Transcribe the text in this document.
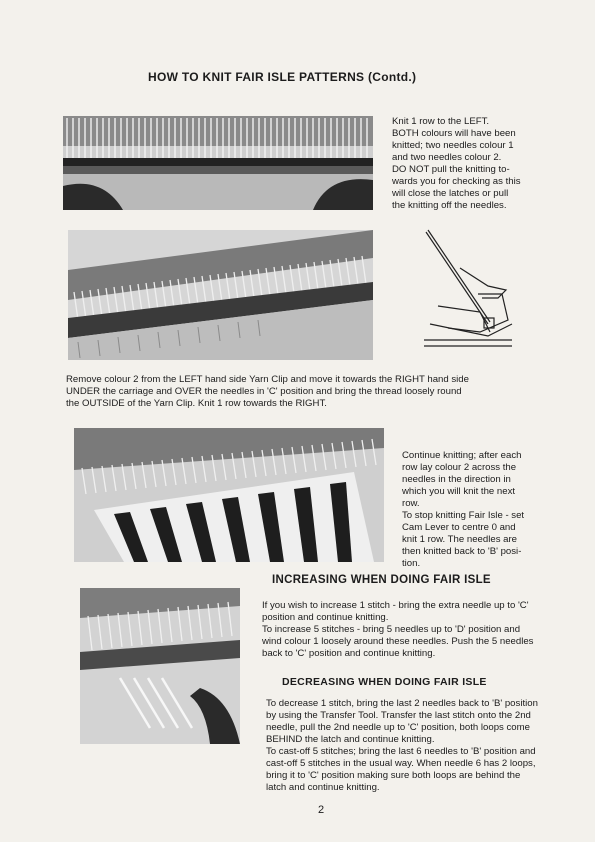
HOW TO KNIT FAIR ISLE PATTERNS (Contd.)
Knit 1 row to the LEFT.
BOTH colours will have been
knitted; two needles colour 1
and two needles colour 2.
DO NOT pull the knitting to-
wards you for checking as this
will close the latches or pull
the knitting off the needles.
Remove colour 2 from the LEFT hand side Yarn Clip and move it towards the RIGHT hand side
UNDER the carriage and OVER the needles in 'C' position and bring the thread loosely round
the OUTSIDE of the Yarn Clip. Knit 1 row towards the RIGHT.
Continue knitting; after each
row lay colour 2 across the
needles in the direction in
which you will knit the next
row.
To stop knitting Fair Isle - set
Cam Lever to centre 0 and
knit 1 row. The needles are
then knitted back to 'B' posi-
tion.
INCREASING WHEN DOING FAIR ISLE
If you wish to increase 1 stitch - bring the extra needle up to 'C'
position and continue knitting.
To increase 5 stitches - bring 5 needles up to 'D' position and
wind colour 1 loosely around these needles. Push the 5 needles
back to 'C' position and continue knitting.
DECREASING WHEN DOING FAIR ISLE
To decrease 1 stitch, bring the last 2 needles back to 'B' position
by using the Transfer Tool. Transfer the last stitch onto the 2nd
needle, pull the 2nd needle up to 'C' position, both loops come
BEHIND the latch and continue knitting.
To cast-off 5 stitches; bring the last 6 needles to 'B' position and
cast-off 5 stitches in the usual way. When needle 6 has 2 loops,
bring it to 'C' position making sure both loops are behind the
latch and continue knitting.
2
